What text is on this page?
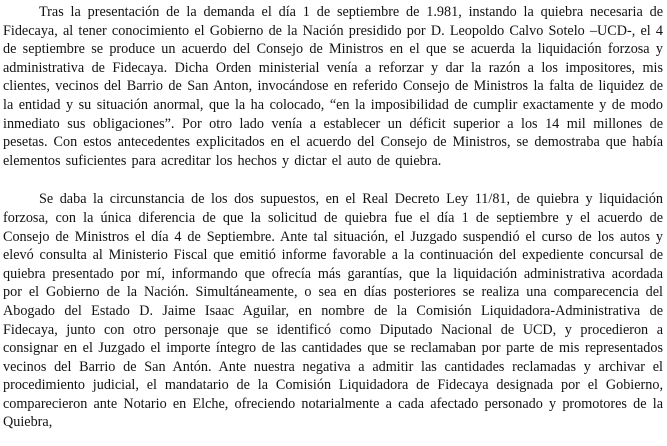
Tras la presentación de la demanda el día 1 de septiembre de 1.981, instando la quiebra necesaria de Fidecaya, al tener conocimiento el Gobierno de la Nación presidido por D. Leopoldo Calvo Sotelo –UCD-, el 4 de septiembre se produce un acuerdo del Consejo de Ministros en el que se acuerda la liquidación forzosa y administrativa de Fidecaya. Dicha Orden ministerial venía a reforzar y dar la razón a los impositores, mis clientes, vecinos del Barrio de San Anton, invocándose en referido Consejo de Ministros la falta de liquidez de la entidad y su situación anormal, que la ha colocado, “en la imposibilidad de cumplir exactamente y de modo inmediato sus obligaciones”. Por otro lado venía a establecer un déficit superior a los 14 mil millones de pesetas. Con estos antecedentes explicitados en el acuerdo del Consejo de Ministros, se demostraba que había elementos suficientes para acreditar los hechos y dictar el auto de quiebra.

Se daba la circunstancia de los dos supuestos, en el Real Decreto Ley 11/81, de quiebra y liquidación forzosa, con la única diferencia de que la solicitud de quiebra fue el día 1 de septiembre y el acuerdo de Consejo de Ministros el día 4 de Septiembre. Ante tal situación, el Juzgado suspendió el curso de los autos y elevó consulta al Ministerio Fiscal que emitió informe favorable a la continuación del expediente concursal de quiebra presentado por mí, informando que ofrecía más garantías, que la liquidación administrativa acordada por el Gobierno de la Nación. Simultáneamente, o sea en días posteriores se realiza una comparecencia del Abogado del Estado D. Jaime Isaac Aguilar, en nombre de la Comisión Liquidadora-Administrativa de Fidecaya, junto con otro personaje que se identificó como Diputado Nacional de UCD, y procedieron a consignar en el Juzgado el importe íntegro de las cantidades que se reclamaban por parte de mis representados vecinos del Barrio de San Antón. Ante nuestra negativa a admitir las cantidades reclamadas y archivar el procedimiento judicial, el mandatario de la Comisión Liquidadora de Fidecaya designada por el Gobierno, comparecieron ante Notario en Elche, ofreciendo notarialmente a cada afectado personado y promotores de la Quiebra,
